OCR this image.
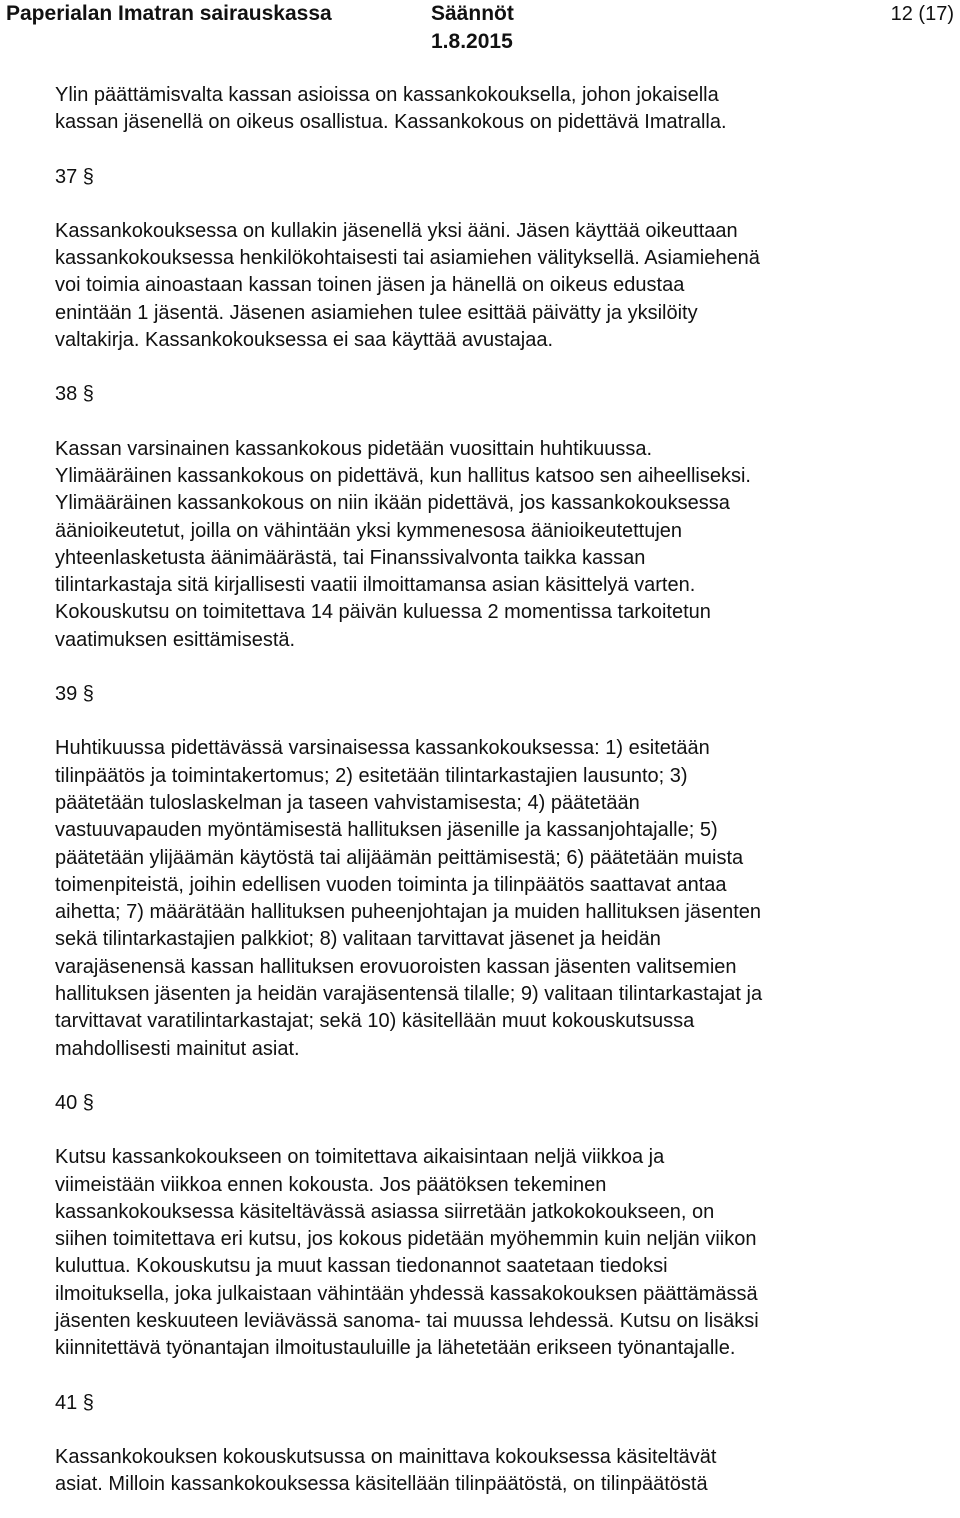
Paperialan Imatran sairauskassa	Säännöt
1.8.2015
12 (17)

Ylin päättämisvalta kassan asioissa on kassankokouksella, johon jokaisella
kassan jäsenellä on oikeus osallistua. Kassankokous on pidettävä Imatralla.

37 §

Kassankokouksessa on kullakin jäsenellä yksi ääni. Jäsen käyttää oikeuttaan
kassankokouksessa henkilökohtaisesti tai asiamiehen välityksellä. Asiamiehenä
voi toimia ainoastaan kassan toinen jäsen ja hänellä on oikeus edustaa
enintään 1 jäsentä. Jäsenen asiamiehen tulee esittää päivätty ja yksilöity
valtakirja. Kassankokouksessa ei saa käyttää avustajaa.

38 §

Kassan varsinainen kassankokous pidetään vuosittain huhtikuussa.
Ylimääräinen kassankokous on pidettävä, kun hallitus katsoo sen aiheelliseksi.
Ylimääräinen kassankokous on niin ikään pidettävä, jos kassankokouksessa
äänioikeutetut, joilla on vähintään yksi kymmenesosa äänioikeutettujen
yhteenlasketusta äänimäärästä, tai Finanssivalvonta taikka kassan
tilintarkastaja sitä kirjallisesti vaatii ilmoittamansa asian käsittelyä varten.
Kokouskutsu on toimitettava 14 päivän kuluessa 2 momentissa tarkoitetun
vaatimuksen esittämisestä.

39 §

Huhtikuussa pidettävässä varsinaisessa kassankokouksessa: 1) esitetään
tilinpäätös ja toimintakertomus; 2) esitetään tilintarkastajien lausunto; 3)
päätetään tuloslaskelman ja taseen vahvistamisesta; 4) päätetään
vastuuvapauden myöntämisestä hallituksen jäsenille ja kassanjohtajalle; 5)
päätetään ylijäämän käytöstä tai alijäämän peittämisestä; 6) päätetään muista
toimenpiteistä, joihin edellisen vuoden toiminta ja tilinpäätös saattavat antaa
aihetta; 7) määrätään hallituksen puheenjohtajan ja muiden hallituksen jäsenten
sekä tilintarkastajien palkkiot; 8) valitaan tarvittavat jäsenet ja heidän
varajäsenensä kassan hallituksen erovuoroisten kassan jäsenten valitsemien
hallituksen jäsenten ja heidän varajäsentensä tilalle; 9) valitaan tilintarkastajat ja
tarvittavat varatilintarkastajat; sekä 10) käsitellään muut kokouskutsussa
mahdollisesti mainitut asiat.

40 §

Kutsu kassankokoukseen on toimitettava aikaisintaan neljä viikkoa ja
viimeistään viikkoa ennen kokousta. Jos päätöksen tekeminen
kassankokouksessa käsiteltävässä asiassa siirretään jatkokokoukseen, on
siihen toimitettava eri kutsu, jos kokous pidetään myöhemmin kuin neljän viikon
kuluttua. Kokouskutsu ja muut kassan tiedonannot saatetaan tiedoksi
ilmoituksella, joka julkaistaan vähintään yhdessä kassakokouksen päättämässä
jäsenten keskuuteen leviävässä sanoma- tai muussa lehdessä. Kutsu on lisäksi
kiinnitettävä työnantajan ilmoitustauluille ja lähetetään erikseen työnantajalle.

41 §

Kassankokouksen kokouskutsussa on mainittava kokouksessa käsiteltävät
asiat. Milloin kassankokouksessa käsitellään tilinpäätöstä, on tilinpäätöstä
